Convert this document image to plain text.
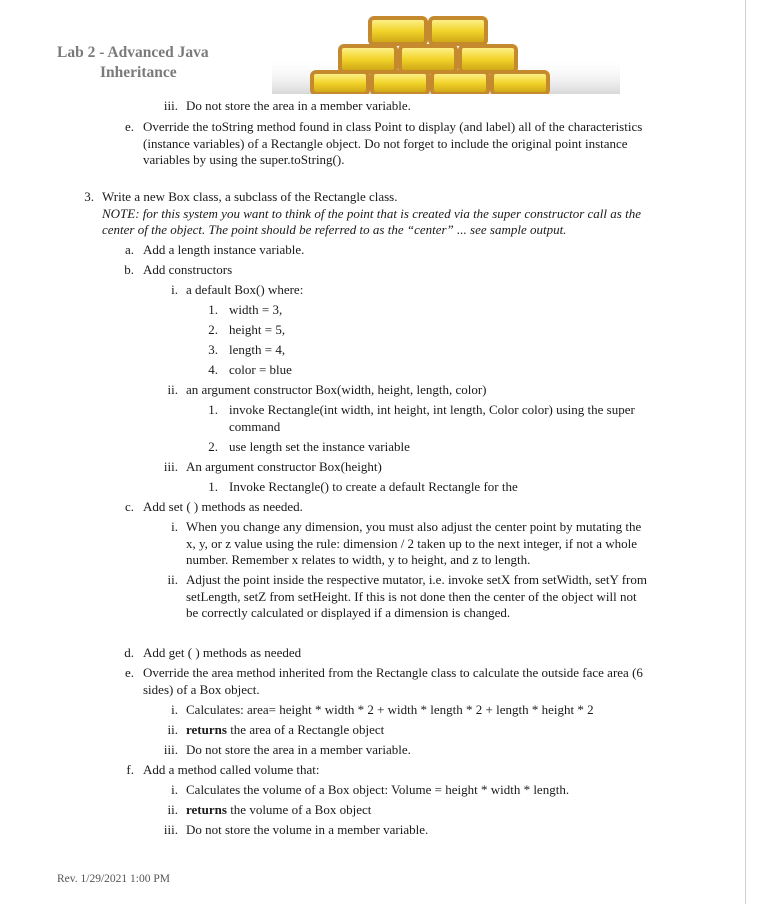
Lab 2 - Advanced Java
Inheritance
iii. Do not store the area in a member variable.
e. Override the toString method found in class Point to display (and label) all of the characteristics
(instance variables) of a Rectangle object. Do not forget to include the original point instance
variables by using the super.toString().
3. Write a new Box class, a subclass of the Rectangle class.
NOTE: for this system you want to think of the point that is created via the super constructor call as the
center of the object. The point should be referred to as the “center” ... see sample output.
a. Add a length instance variable.
b. Add constructors
i. a default Box() where:
1. width = 3,
2. height = 5,
3. length = 4,
4. color = blue
ii. an argument constructor Box(width, height, length, color)
1. invoke Rectangle(int width, int height, int length, Color color) using the super
command
2. use length set the instance variable
iii. An argument constructor Box(height)
1. Invoke Rectangle() to create a default Rectangle for the
c. Add set ( ) methods as needed.
i. When you change any dimension, you must also adjust the center point by mutating the
x, y, or z value using the rule: dimension / 2 taken up to the next integer, if not a whole
number. Remember x relates to width, y to height, and z to length.
ii. Adjust the point inside the respective mutator, i.e. invoke setX from setWidth, setY from
setLength, setZ from setHeight. If this is not done then the center of the object will not
be correctly calculated or displayed if a dimension is changed.
d. Add get ( ) methods as needed
e. Override the area method inherited from the Rectangle class to calculate the outside face area (6
sides) of a Box object.
i. Calculates: area= height * width * 2 + width * length * 2 + length * height * 2
ii. returns the area of a Rectangle object
iii. Do not store the area in a member variable.
f. Add a method called volume that:
i. Calculates the volume of a Box object: Volume = height * width * length.
ii. returns the volume of a Box object
iii. Do not store the volume in a member variable.
Rev. 1/29/2021 1:00 PM
